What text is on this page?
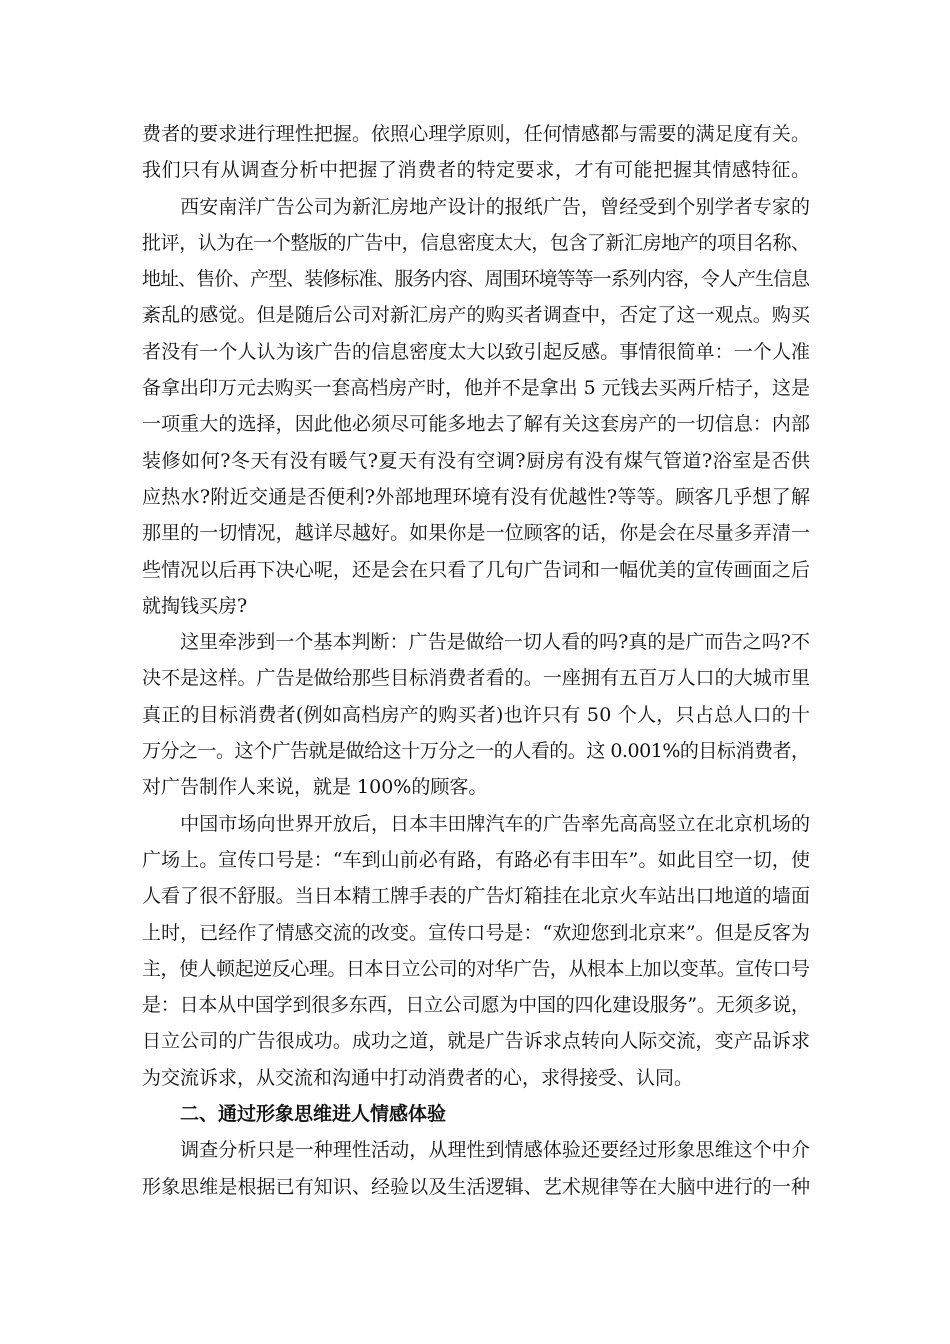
费者的要求进行理性把握。依照心理学原则，任何情感都与需要的满足度有关。
我们只有从调查分析中把握了消费者的特定要求，才有可能把握其情感特征。
　　西安南洋广告公司为新汇房地产设计的报纸广告，曾经受到个别学者专家的
批评，认为在一个整版的广告中，信息密度太大，包含了新汇房地产的项目名称、
地址、售价、产型、装修标准、服务内容、周围环境等等一系列内容，令人产生信息
紊乱的感觉。但是随后公司对新汇房产的购买者调查中，否定了这一观点。购买
者没有一个人认为该广告的信息密度太大以致引起反感。事情很简单：一个人准
备拿出印万元去购买一套高档房产时，他并不是拿出 5 元钱去买两斤桔子，这是
一项重大的选择，因此他必须尽可能多地去了解有关这套房产的一切信息：内部
装修如何?冬天有没有暖气?夏天有没有空调?厨房有没有煤气管道?浴室是否供
应热水?附近交通是否便利?外部地理环境有没有优越性?等等。顾客几乎想了解
那里的一切情况，越详尽越好。如果你是一位顾客的话，你是会在尽量多弄清一
些情况以后再下决心呢，还是会在只看了几句广告词和一幅优美的宣传画面之后
就掏钱买房?
　　这里牵涉到一个基本判断：广告是做给一切人看的吗?真的是广而告之吗?不
决不是这样。广告是做给那些目标消费者看的。一座拥有五百万人口的大城市里
真正的目标消费者(例如高档房产的购买者)也许只有 50 个人，只占总人口的十
万分之一。这个广告就是做给这十万分之一的人看的。这 0.001%的目标消费者，
对广告制作人来说，就是 100%的顾客。
　　中国市场向世界开放后，日本丰田牌汽车的广告率先高高竖立在北京机场的
广场上。宣传口号是：“车到山前必有路，有路必有丰田车”。如此目空一切，使
人看了很不舒服。当日本精工牌手表的广告灯箱挂在北京火车站出口地道的墙面
上时，已经作了情感交流的改变。宣传口号是：“欢迎您到北京来”。但是反客为
主，使人顿起逆反心理。日本日立公司的对华广告，从根本上加以变革。宣传口号
是：日本从中国学到很多东西，日立公司愿为中国的四化建设服务”。无须多说，
日立公司的广告很成功。成功之道，就是广告诉求点转向人际交流，变产品诉求
为交流诉求，从交流和沟通中打动消费者的心，求得接受、认同。
　　二、通过形象思维进人情感体验
　　调查分析只是一种理性活动，从理性到情感体验还要经过形象思维这个中介
形象思维是根据已有知识、经验以及生活逻辑、艺术规律等在大脑中进行的一种
